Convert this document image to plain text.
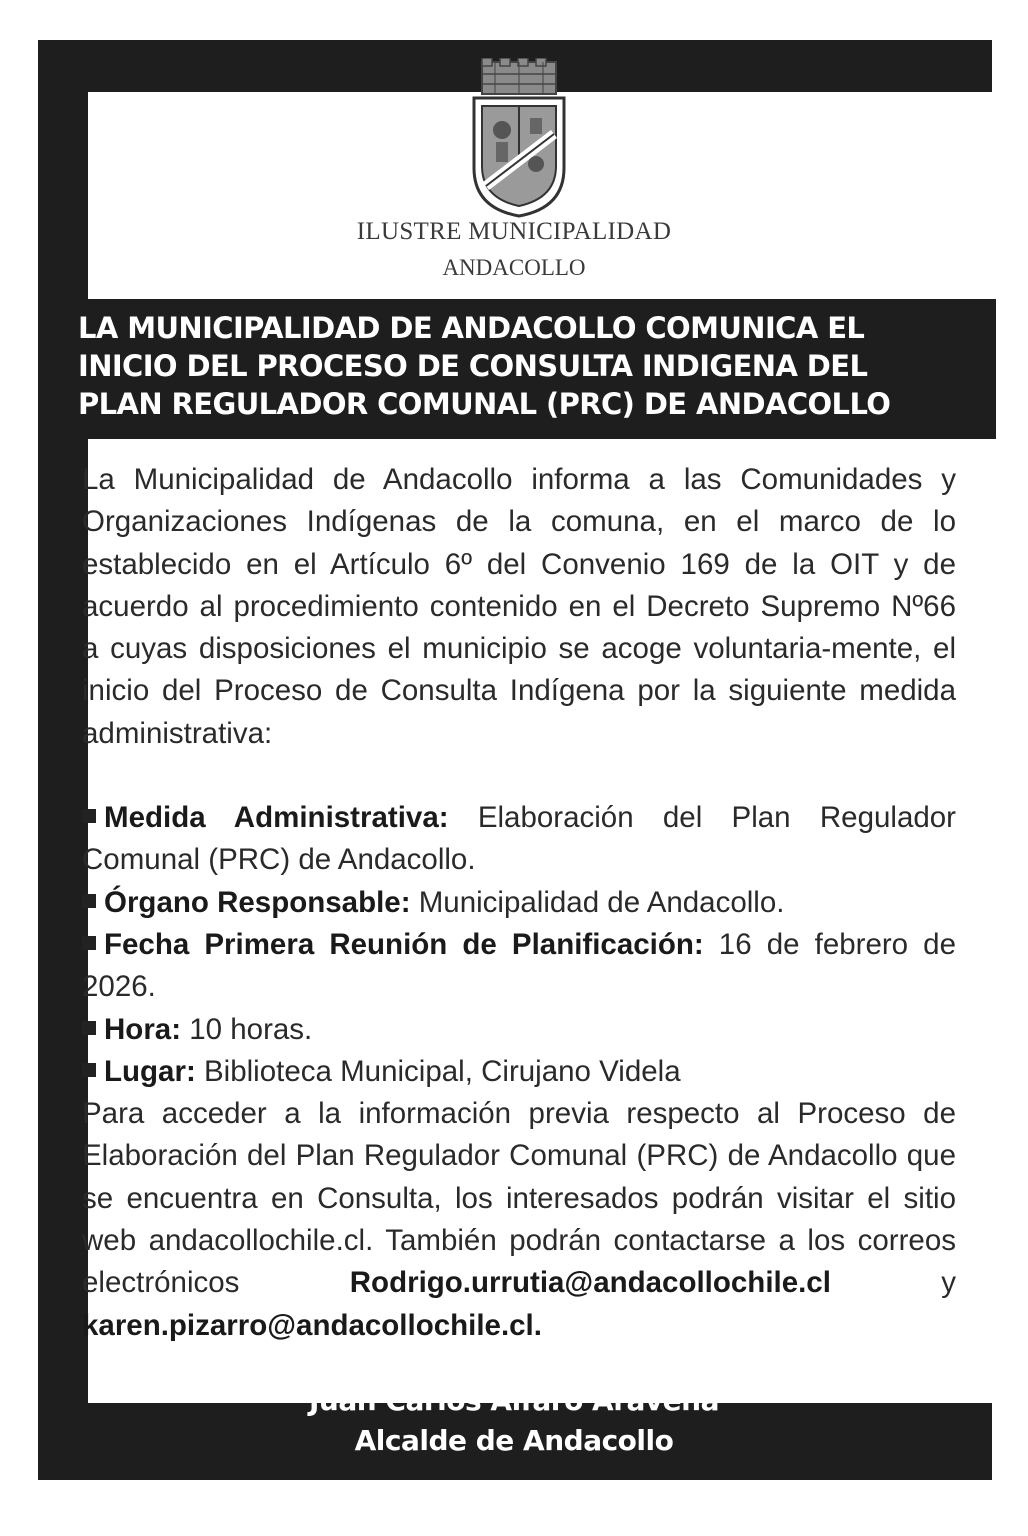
ILUSTRE MUNICIPALIDAD
ANDACOLLO
LA MUNICIPALIDAD DE ANDACOLLO COMUNICA EL
INICIO DEL PROCESO DE CONSULTA INDIGENA DEL
PLAN REGULADOR COMUNAL (PRC) DE ANDACOLLO

La Municipalidad de Andacollo informa a las Comunidades y Organizaciones Indígenas de la comuna, en el marco de lo establecido en el Artículo 6º del Convenio 169 de la OIT y de acuerdo al procedimiento contenido en el Decreto Supremo Nº66 a cuyas disposiciones el municipio se acoge voluntaria-mente, el inicio del Proceso de Consulta Indígena por la siguiente medida administrativa:

Medida Administrativa: Elaboración del Plan Regulador Comunal (PRC) de Andacollo.

Órgano Responsable: Municipalidad de Andacollo.

Fecha Primera Reunión de Planificación: 16 de febrero de 2026.

Hora: 10 horas.

Lugar: Biblioteca Municipal, Cirujano Videla

Para acceder a la información previa respecto al Proceso de Elaboración del Plan Regulador Comunal (PRC) de Andacollo que se encuentra en Consulta, los interesados podrán visitar el sitio web andacollochile.cl. También podrán contactarse a los correos electrónicos Rodrigo.urrutia@andacollochile.cl y karen.pizarro@andacollochile.cl.

Juan Carlos Alfaro Aravena
Alcalde de Andacollo
